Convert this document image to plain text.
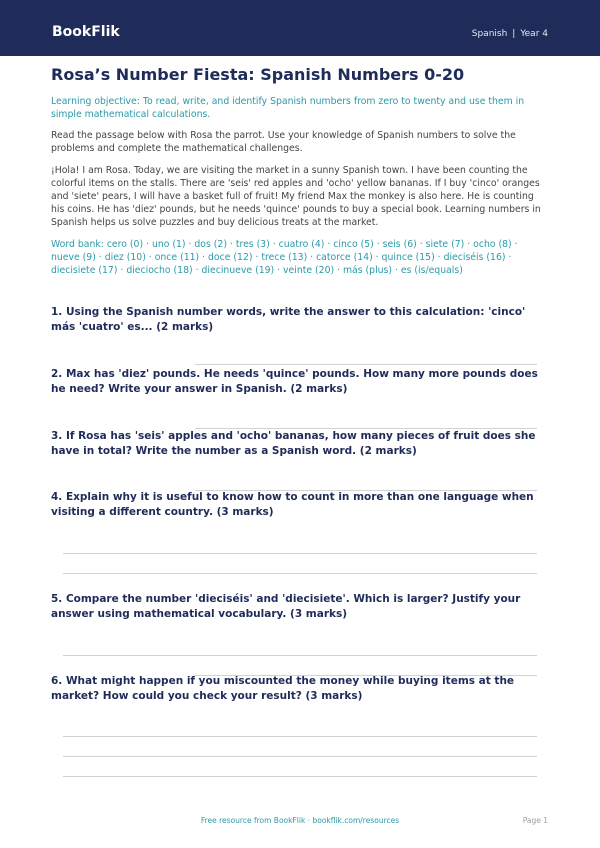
BookFlik	Spanish | Year 4
Rosa’s Number Fiesta: Spanish Numbers 0-20
Learning objective: To read, write, and identify Spanish numbers from zero to twenty and use them in simple mathematical calculations.
Read the passage below with Rosa the parrot. Use your knowledge of Spanish numbers to solve the problems and complete the mathematical challenges.
¡Hola! I am Rosa. Today, we are visiting the market in a sunny Spanish town. I have been counting the colorful items on the stalls. There are 'seis' red apples and 'ocho' yellow bananas. If I buy 'cinco' oranges and 'siete' pears, I will have a basket full of fruit! My friend Max the monkey is also here. He is counting his coins. He has 'diez' pounds, but he needs 'quince' pounds to buy a special book. Learning numbers in Spanish helps us solve puzzles and buy delicious treats at the market.
Word bank: cero (0) · uno (1) · dos (2) · tres (3) · cuatro (4) · cinco (5) · seis (6) · siete (7) · ocho (8) · nueve (9) · diez (10) · once (11) · doce (12) · trece (13) · catorce (14) · quince (15) · dieciséis (16) · diecisiete (17) · dieciocho (18) · diecinueve (19) · veinte (20) · más (plus) · es (is/equals)
1. Using the Spanish number words, write the answer to this calculation: 'cinco' más 'cuatro' es... (2 marks)
2. Max has 'diez' pounds. He needs 'quince' pounds. How many more pounds does he need? Write your answer in Spanish. (2 marks)
3. If Rosa has 'seis' apples and 'ocho' bananas, how many pieces of fruit does she have in total? Write the number as a Spanish word. (2 marks)
4. Explain why it is useful to know how to count in more than one language when visiting a different country. (3 marks)
5. Compare the number 'dieciséis' and 'diecisiete'. Which is larger? Justify your answer using mathematical vocabulary. (3 marks)
6. What might happen if you miscounted the money while buying items at the market? How could you check your result? (3 marks)
Free resource from BookFlik · bookflik.com/resources	Page 1
